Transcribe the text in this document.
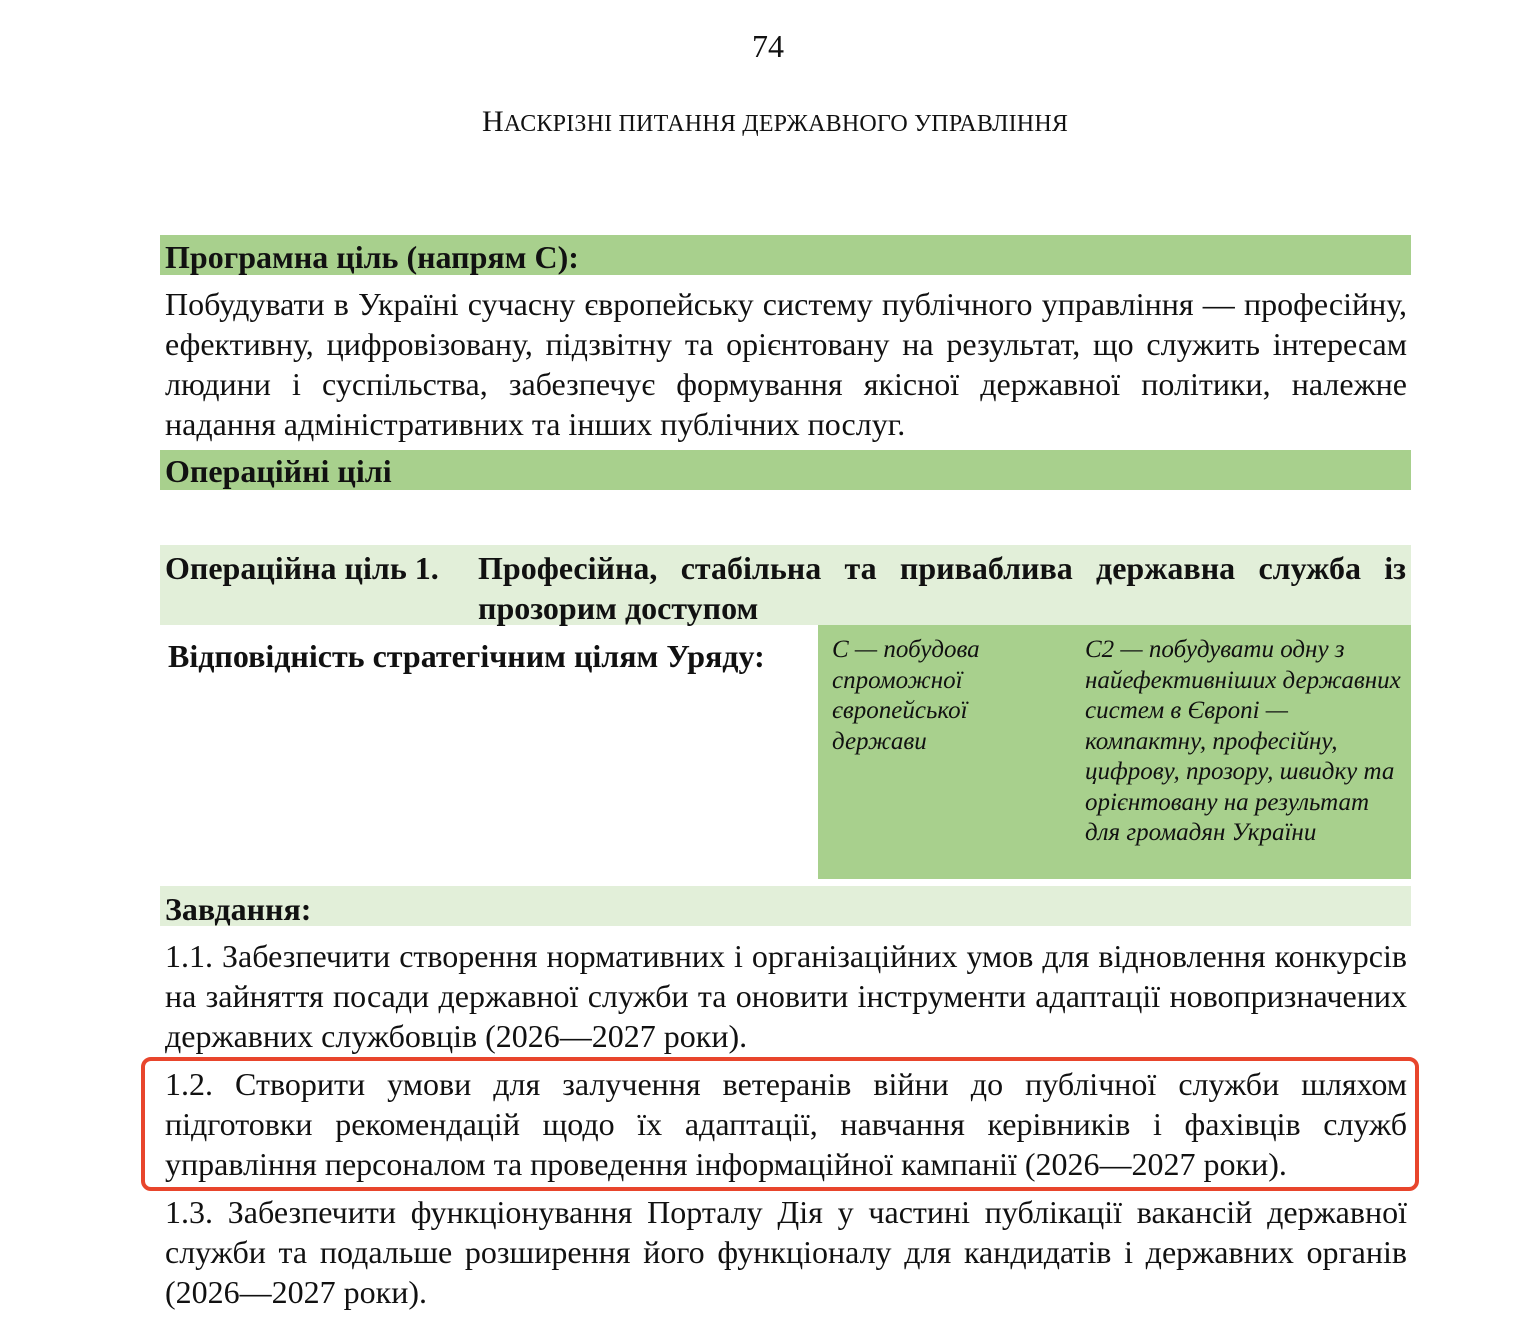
74
НАСКРІЗНІ ПИТАННЯ ДЕРЖАВНОГО УПРАВЛІННЯ
Програмна ціль (напрям С):
Побудувати в Україні сучасну європейську систему публічного управління — професійну, ефективну, цифровізовану, підзвітну та орієнтовану на результат, що служить інтересам людини і суспільства, забезпечує формування якісної державної політики, належне надання адміністративних та інших публічних послуг.
Операційні цілі
Операційна ціль 1. Професійна, стабільна та приваблива державна служба із прозорим доступом
Відповідність стратегічним цілям Уряду:	С — побудова спроможної європейської держави
С2 — побудувати одну з найефективніших державних систем в Європі — компактну, професійну, цифрову, прозору, швидку та орієнтовану на результат для громадян України
Завдання:
1.1. Забезпечити створення нормативних і організаційних умов для відновлення конкурсів на зайняття посади державної служби та оновити інструменти адаптації новопризначених державних службовців (2026—2027 роки).
1.2. Створити умови для залучення ветеранів війни до публічної служби шляхом підготовки рекомендацій щодо їх адаптації, навчання керівників і фахівців служб управління персоналом та проведення інформаційної кампанії (2026—2027 роки).
1.3. Забезпечити функціонування Порталу Дія у частині публікації вакансій державної служби та подальше розширення його функціоналу для кандидатів і державних органів (2026—2027 роки).
